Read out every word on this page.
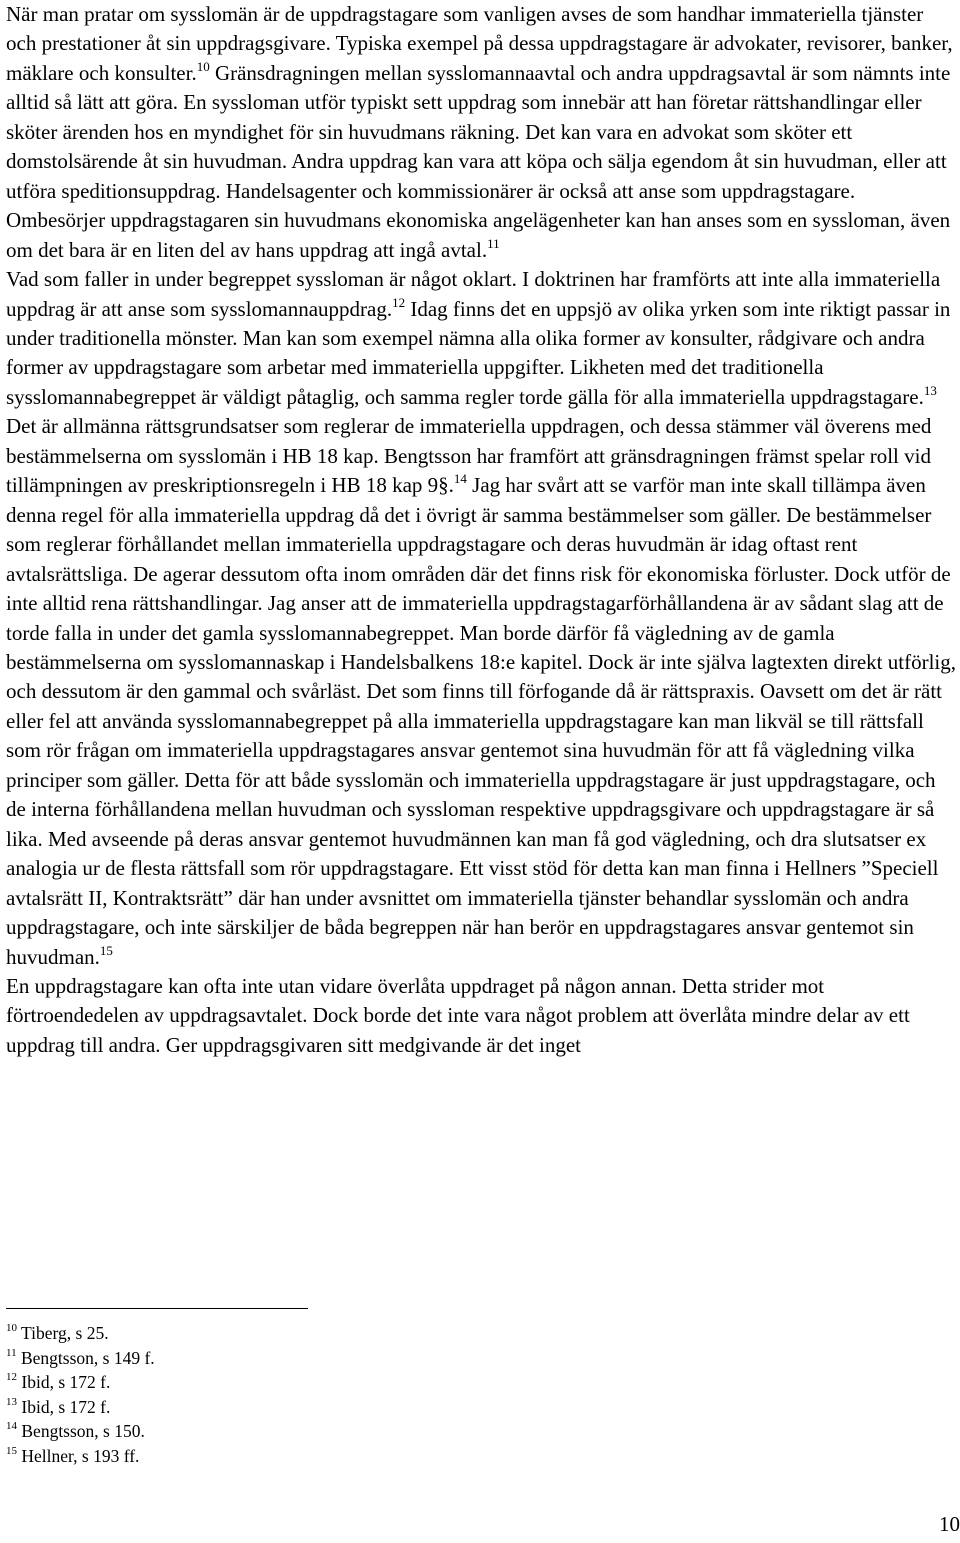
När man pratar om sysslomän är de uppdragstagare som vanligen avses de som handhar immateriella tjänster och prestationer åt sin uppdragsgivare. Typiska exempel på dessa uppdragstagare är advokater, revisorer, banker, mäklare och konsulter.$^{10}$ Gränsdragningen mellan sysslomannaavtal och andra uppdragsavtal är som nämnts inte alltid så lätt att göra. En syssloman utför typiskt sett uppdrag som innebär att han företar rättshandlingar eller sköter ärenden hos en myndighet för sin huvudmans räkning. Det kan vara en advokat som sköter ett domstolsärende åt sin huvudman. Andra uppdrag kan vara att köpa och sälja egendom åt sin huvudman, eller att utföra speditionsuppdrag. Handelsagenter och kommissionärer är också att anse som uppdragstagare. Ombesörjer uppdragstagaren sin huvudmans ekonomiska angelägenheter kan han anses som en syssloman, även om det bara är en liten del av hans uppdrag att ingå avtal.$^{11}$

Vad som faller in under begreppet syssloman är något oklart. I doktrinen har framförts att inte alla immateriella uppdrag är att anse som sysslomannauppdrag.$^{12}$ Idag finns det en uppsjö av olika yrken som inte riktigt passar in under traditionella mönster. Man kan som exempel nämna alla olika former av konsulter, rådgivare och andra former av uppdragstagare som arbetar med immateriella uppgifter. Likheten med det traditionella sysslomannabegreppet är väldigt påtaglig, och samma regler torde gälla för alla immateriella uppdragstagare.$^{13}$ Det är allmänna rättsgrundsatser som reglerar de immateriella uppdragen, och dessa stämmer väl överens med bestämmelserna om sysslomän i HB 18 kap. Bengtsson har framfört att gränsdragningen främst spelar roll vid tillämpningen av preskriptionsregeln i HB 18 kap 9§.$^{14}$ Jag har svårt att se varför man inte skall tillämpa även denna regel för alla immateriella uppdrag då det i övrigt är samma bestämmelser som gäller. De bestämmelser som reglerar förhållandet mellan immateriella uppdragstagare och deras huvudmän är idag oftast rent avtalsrättsliga. De agerar dessutom ofta inom områden där det finns risk för ekonomiska förluster. Dock utför de inte alltid rena rättshandlingar. Jag anser att de immateriella uppdragstagarförhållandena är av sådant slag att de torde falla in under det gamla sysslomannabegreppet. Man borde därför få vägledning av de gamla bestämmelserna om sysslomannaskap i Handelsbalkens 18:e kapitel. Dock är inte själva lagtexten direkt utförlig, och dessutom är den gammal och svårläst. Det som finns till förfogande då är rättspraxis. Oavsett om det är rätt eller fel att använda sysslomannabegreppet på alla immateriella uppdragstagare kan man likväl se till rättsfall som rör frågan om immateriella uppdragstagares ansvar gentemot sina huvudmän för att få vägledning vilka principer som gäller. Detta för att både sysslomän och immateriella uppdragstagare är just uppdragstagare, och de interna förhållandena mellan huvudman och syssloman respektive uppdragsgivare och uppdragstagare är så lika. Med avseende på deras ansvar gentemot huvudmännen kan man få god vägledning, och dra slutsatser ex analogia ur de flesta rättsfall som rör uppdragstagare. Ett visst stöd för detta kan man finna i Hellners ”Speciell avtalsrätt II, Kontraktsrätt” där han under avsnittet om immateriella tjänster behandlar sysslomän och andra uppdragstagare, och inte särskiljer de båda begreppen när han berör en uppdragstagares ansvar gentemot sin huvudman.$^{15}$

En uppdragstagare kan ofta inte utan vidare överlåta uppdraget på någon annan. Detta strider mot förtroendedelen av uppdragsavtalet. Dock borde det inte vara något problem att överlåta mindre delar av ett uppdrag till andra. Ger uppdragsgivaren sitt medgivande är det inget

$^{10}$ Tiberg, s 25.
$^{11}$ Bengtsson, s 149 f.
$^{12}$ Ibid, s 172 f.
$^{13}$ Ibid, s 172 f.
$^{14}$ Bengtsson, s 150.
$^{15}$ Hellner, s 193 ff.
10
